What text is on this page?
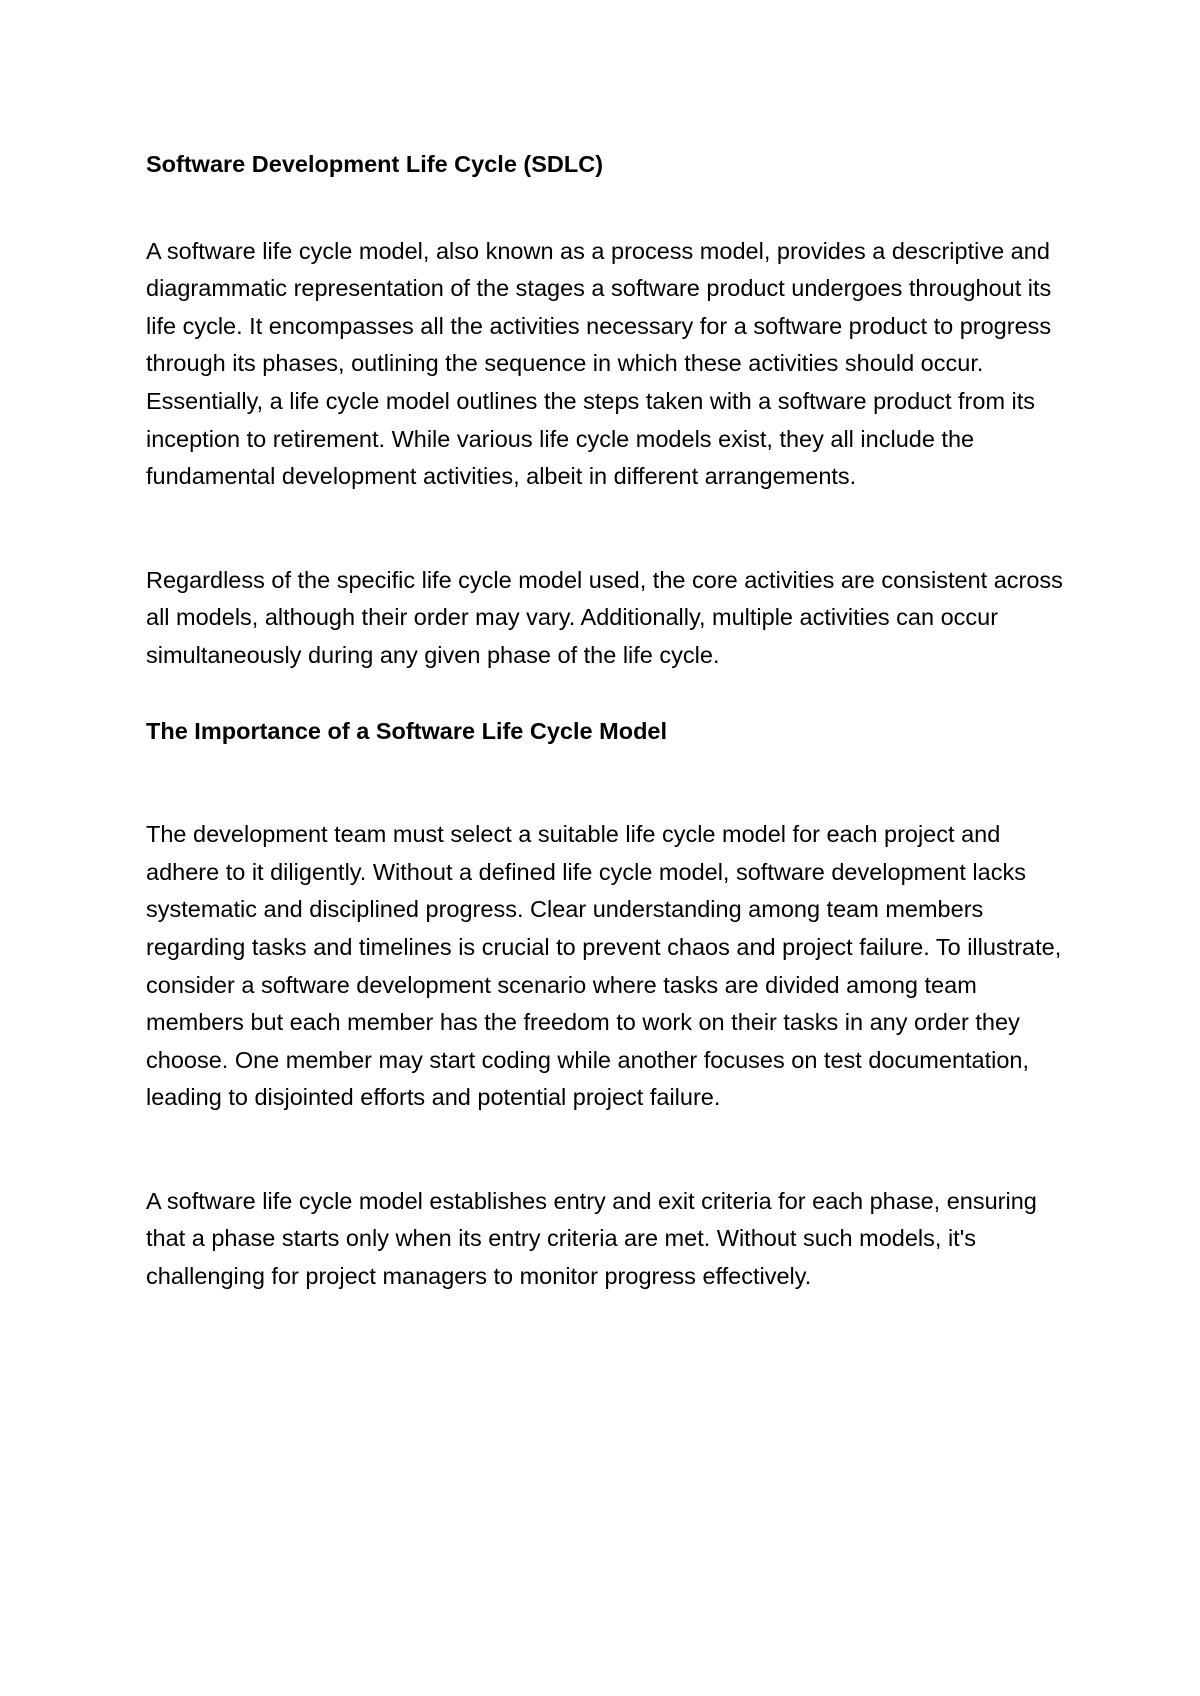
Software Development Life Cycle (SDLC)

A software life cycle model, also known as a process model, provides a descriptive and diagrammatic representation of the stages a software product undergoes throughout its life cycle. It encompasses all the activities necessary for a software product to progress through its phases, outlining the sequence in which these activities should occur. Essentially, a life cycle model outlines the steps taken with a software product from its inception to retirement. While various life cycle models exist, they all include the fundamental development activities, albeit in different arrangements.

Regardless of the specific life cycle model used, the core activities are consistent across all models, although their order may vary. Additionally, multiple activities can occur simultaneously during any given phase of the life cycle.

The Importance of a Software Life Cycle Model

The development team must select a suitable life cycle model for each project and adhere to it diligently. Without a defined life cycle model, software development lacks systematic and disciplined progress. Clear understanding among team members regarding tasks and timelines is crucial to prevent chaos and project failure. To illustrate, consider a software development scenario where tasks are divided among team members but each member has the freedom to work on their tasks in any order they choose. One member may start coding while another focuses on test documentation, leading to disjointed efforts and potential project failure.

A software life cycle model establishes entry and exit criteria for each phase, ensuring that a phase starts only when its entry criteria are met. Without such models, it's challenging for project managers to monitor progress effectively.
